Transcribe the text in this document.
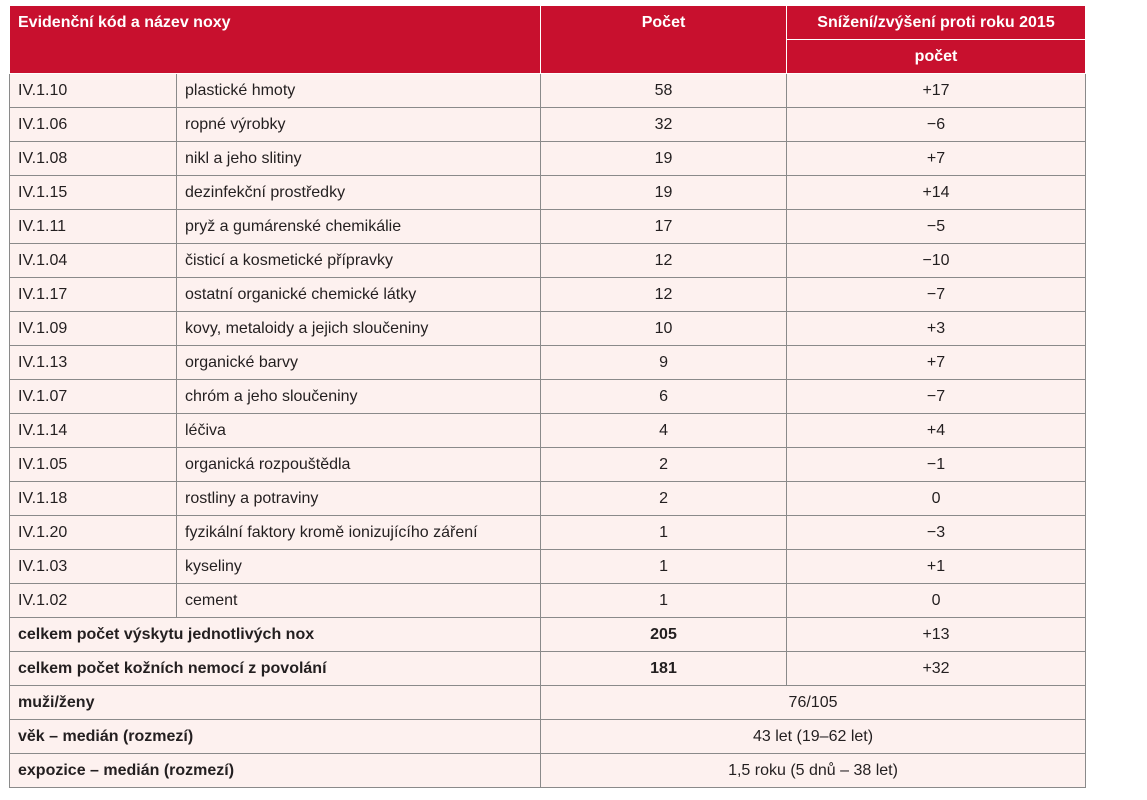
Evidenční kód a název noxy		Počet	Snížení/zvýšení proti roku 2015
			počet
IV.1.10	plastické hmoty	58	+17
IV.1.06	ropné výrobky	32	−6
IV.1.08	nikl a jeho slitiny	19	+7
IV.1.15	dezinfekční prostředky	19	+14
IV.1.11	pryž a gumárenské chemikálie	17	−5
IV.1.04	čisticí a kosmetické přípravky	12	−10
IV.1.17	ostatní organické chemické látky	12	−7
IV.1.09	kovy, metaloidy a jejich sloučeniny	10	+3
IV.1.13	organické barvy	9	+7
IV.1.07	chróm a jeho sloučeniny	6	−7
IV.1.14	léčiva	4	+4
IV.1.05	organická rozpouštědla	2	−1
IV.1.18	rostliny a potraviny	2	0
IV.1.20	fyzikální faktory kromě ionizujícího záření	1	−3
IV.1.03	kyseliny	1	+1
IV.1.02	cement	1	0
celkem počet výskytu jednotlivých nox		205	+13
celkem počet kožních nemocí z povolání		181	+32
muži/ženy		76/105	
věk – medián (rozmezí)		43 let (19–62 let)	
expozice – medián (rozmezí)		1,5 roku (5 dnů – 38 let)	
